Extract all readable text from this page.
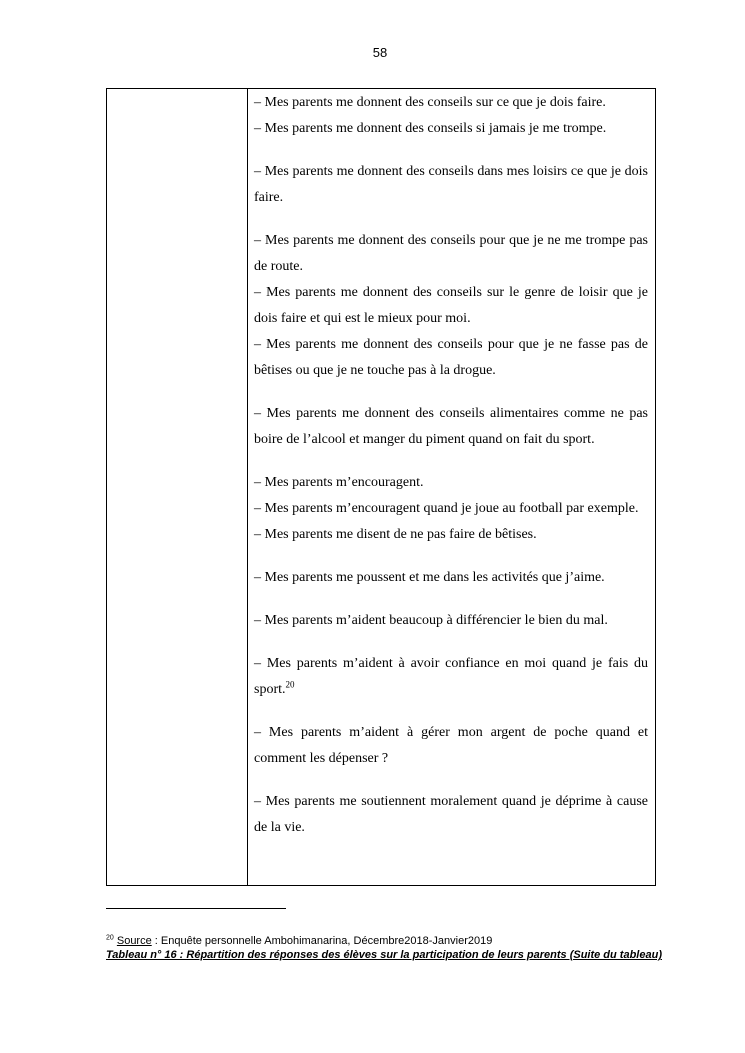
58

– Mes parents me donnent des conseils sur ce que je dois faire.

– Mes parents me donnent des conseils si jamais je me trompe.

– Mes parents me donnent des conseils dans mes loisirs ce que je dois faire.

– Mes parents me donnent des conseils pour que je ne me trompe pas de route.

– Mes parents me donnent des conseils sur le genre de loisir que je dois faire et qui est le mieux pour moi.

– Mes parents me donnent des conseils pour que je ne fasse pas de bêtises ou que je ne touche pas à la drogue.

– Mes parents me donnent des conseils alimentaires comme ne pas boire de l’alcool et manger du piment quand on fait du sport.

– Mes parents m’encouragent.

– Mes parents m’encouragent quand je joue au football par exemple.

– Mes parents me disent de ne pas faire de bêtises.

– Mes parents me poussent et me dans les activités que j’aime.

– Mes parents m’aident beaucoup à différencier le bien du mal.

– Mes parents m’aident à avoir confiance en moi quand je fais du sport.$^{20}$

– Mes parents m’aident à gérer mon argent de poche quand et comment les dépenser ?

– Mes parents me soutiennent moralement quand je déprime à cause de la vie.

$^{20}$ Source : Enquête personnelle Ambohimanarina, Décembre2018-Janvier2019
Tableau n° 16 : Répartition des réponses des élèves sur la participation de leurs parents (Suite du tableau)
